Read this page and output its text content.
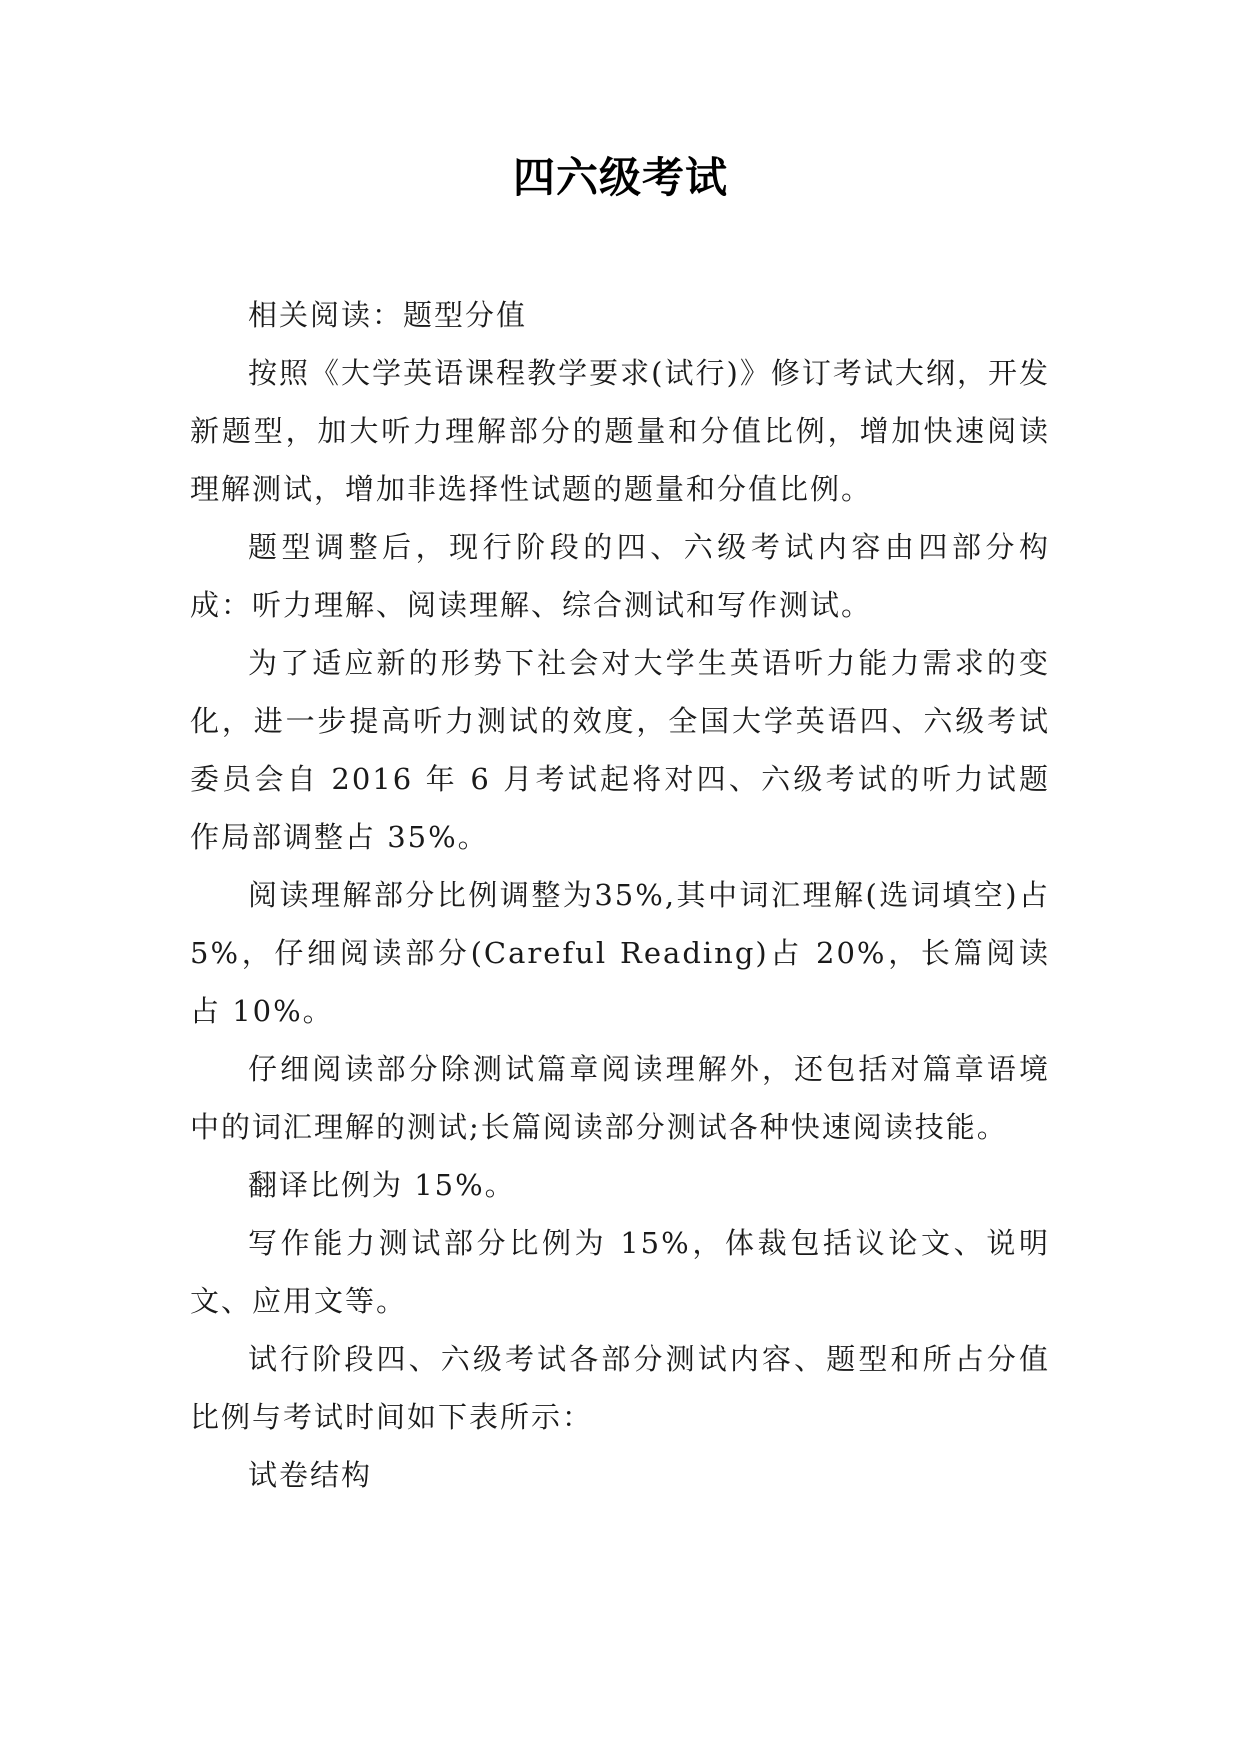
四六级考试

相关阅读：题型分值

按照《大学英语课程教学要求(试行)》修订考试大纲，开发新题型，加大听力理解部分的题量和分值比例，增加快速阅读理解测试，增加非选择性试题的题量和分值比例。

题型调整后，现行阶段的四、六级考试内容由四部分构成：听力理解、阅读理解、综合测试和写作测试。

为了适应新的形势下社会对大学生英语听力能力需求的变化，进一步提高听力测试的效度，全国大学英语四、六级考试委员会自 2016 年 6 月考试起将对四、六级考试的听力试题作局部调整占 35%。

阅读理解部分比例调整为35%,其中词汇理解(选词填空)占 5%，仔细阅读部分(Careful Reading)占 20%，长篇阅读占 10%。

仔细阅读部分除测试篇章阅读理解外，还包括对篇章语境中的词汇理解的测试;长篇阅读部分测试各种快速阅读技能。

翻译比例为 15%。

写作能力测试部分比例为 15%，体裁包括议论文、说明文、应用文等。

试行阶段四、六级考试各部分测试内容、题型和所占分值比例与考试时间如下表所示：

试卷结构
